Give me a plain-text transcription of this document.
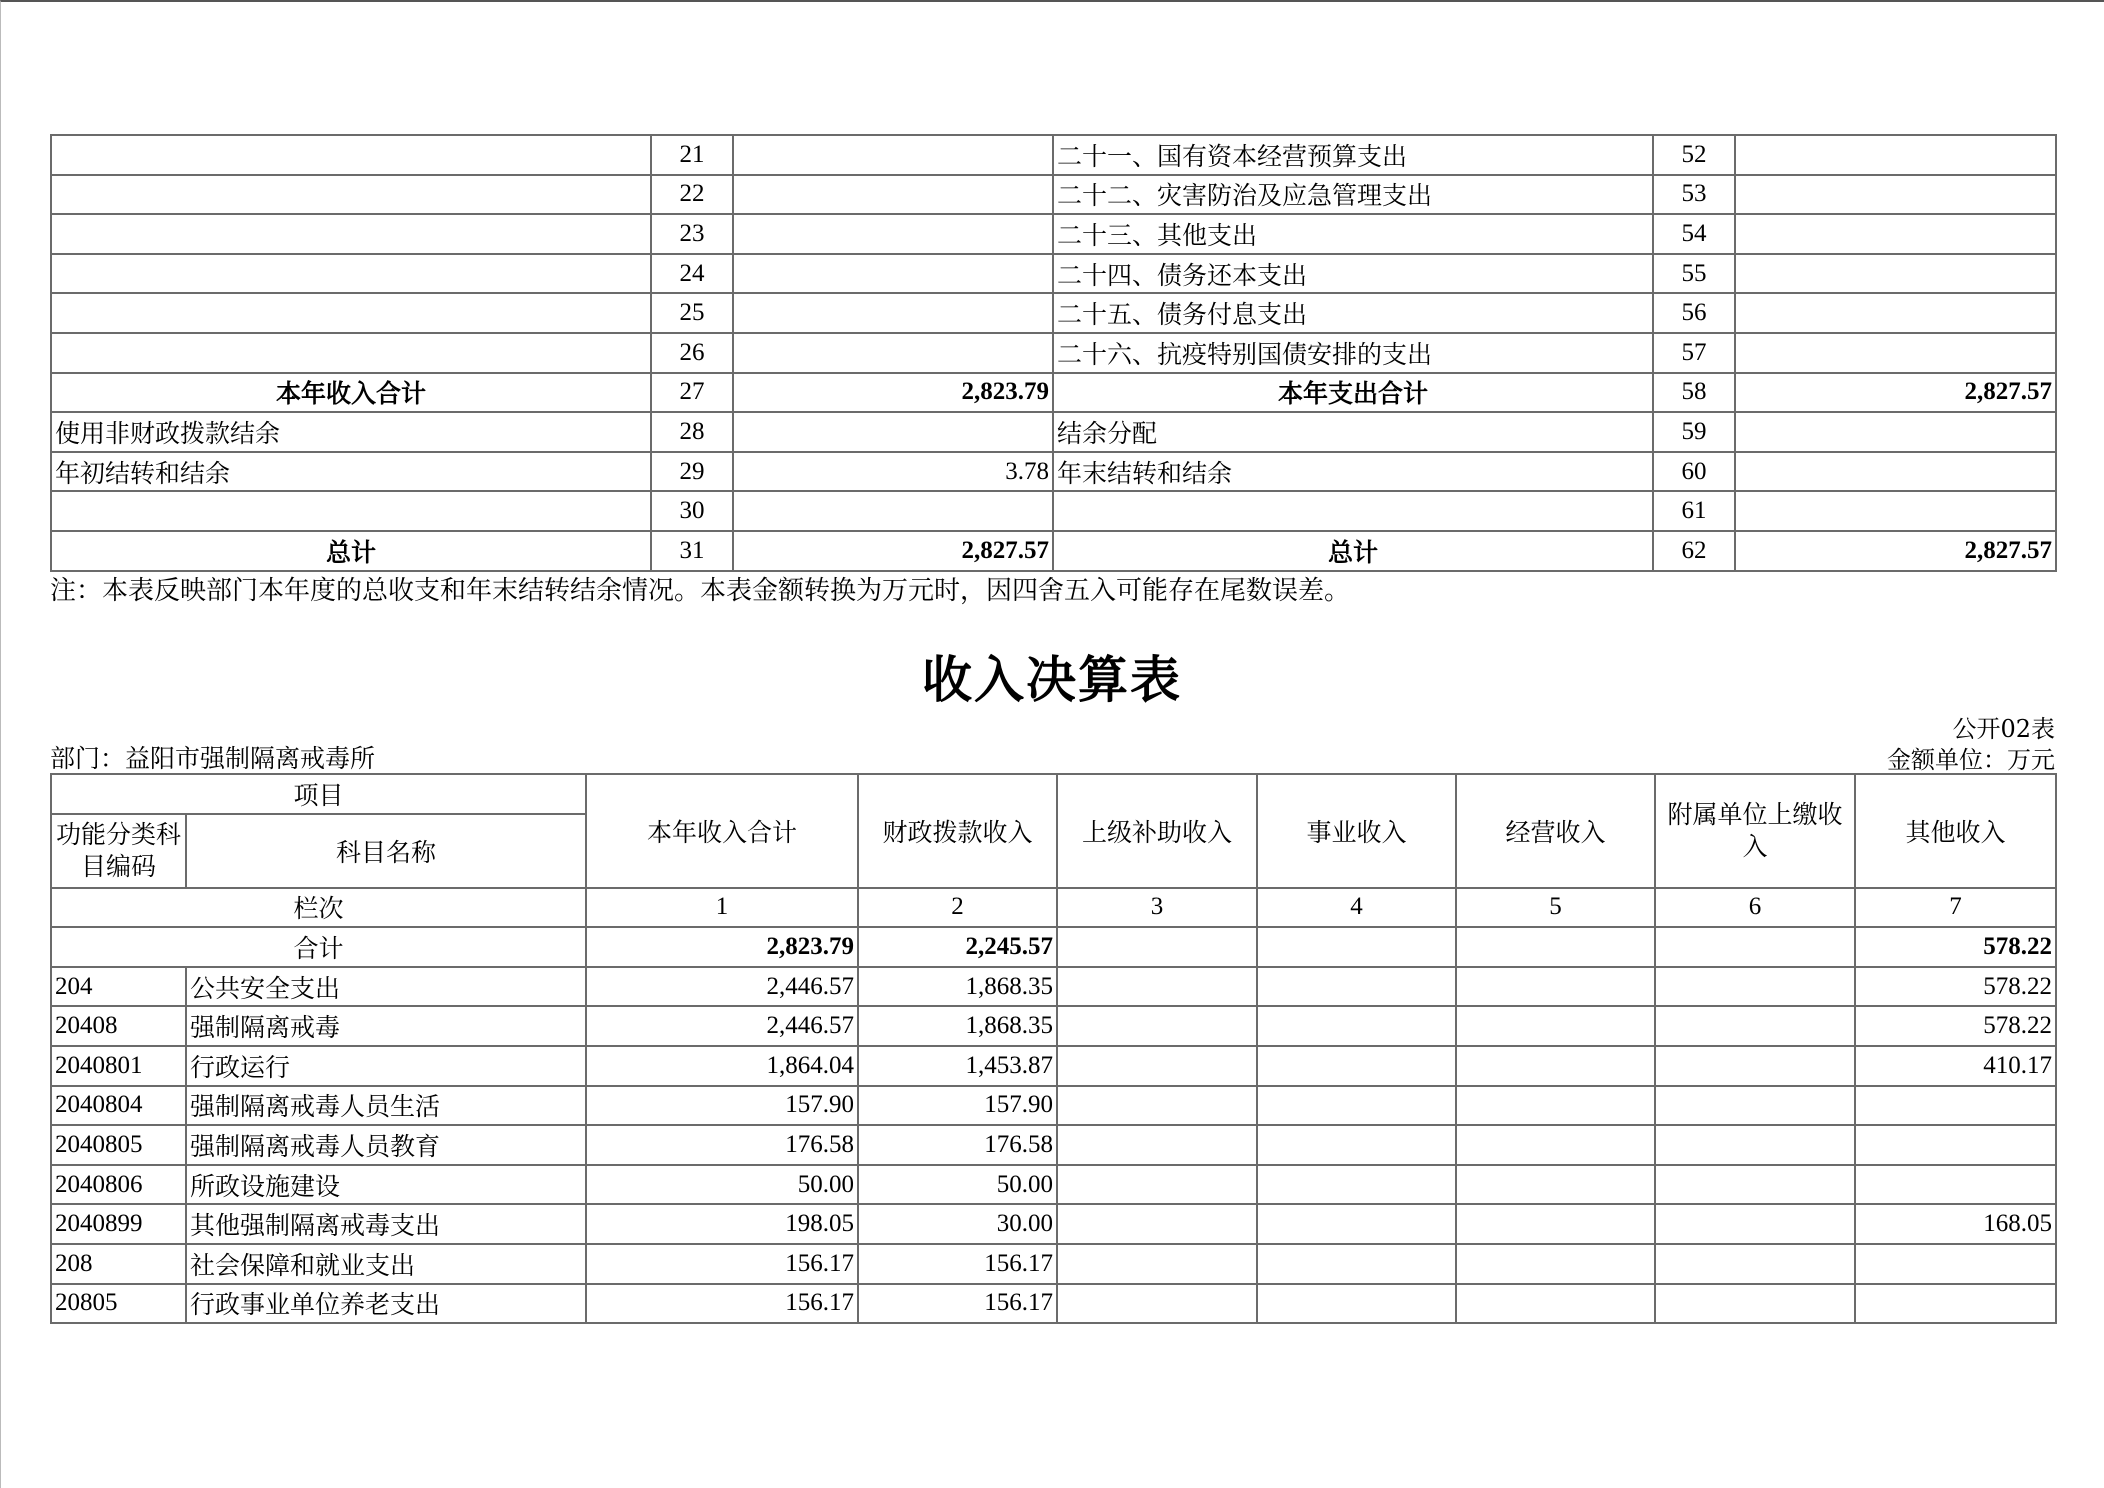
	21		二十一、国有资本经营预算支出	52	
	22		二十二、灾害防治及应急管理支出	53	
	23		二十三、其他支出	54	
	24		二十四、债务还本支出	55	
	25		二十五、债务付息支出	56	
	26		二十六、抗疫特别国债安排的支出	57	
本年收入合计	27	2,823.79	本年支出合计	58	2,827.57
使用非财政拨款结余	28		结余分配	59	
年初结转和结余	29	3.78	年末结转和结余	60	
	30			61	
总计	31	2,827.57	总计	62	2,827.57
注：本表反映部门本年度的总收支和年末结转结余情况。本表金额转换为万元时，因四舍五入可能存在尾数误差。
收入决算表
公开02表
金额单位：万元
部门：益阳市强制隔离戒毒所
项目		本年收入合计	财政拨款收入	上级补助收入	事业收入	经营收入	附属单位上缴收入	其他收入
功能分类科目编码	科目名称							
栏次		1	2	3	4	5	6	7
合计		2,823.79	2,245.57					578.22
204	公共安全支出	2,446.57	1,868.35					578.22
20408	强制隔离戒毒	2,446.57	1,868.35					578.22
2040801	行政运行	1,864.04	1,453.87					410.17
2040804	强制隔离戒毒人员生活	157.90	157.90					
2040805	强制隔离戒毒人员教育	176.58	176.58					
2040806	所政设施建设	50.00	50.00					
2040899	其他强制隔离戒毒支出	198.05	30.00					168.05
208	社会保障和就业支出	156.17	156.17					
20805	行政事业单位养老支出	156.17	156.17					
